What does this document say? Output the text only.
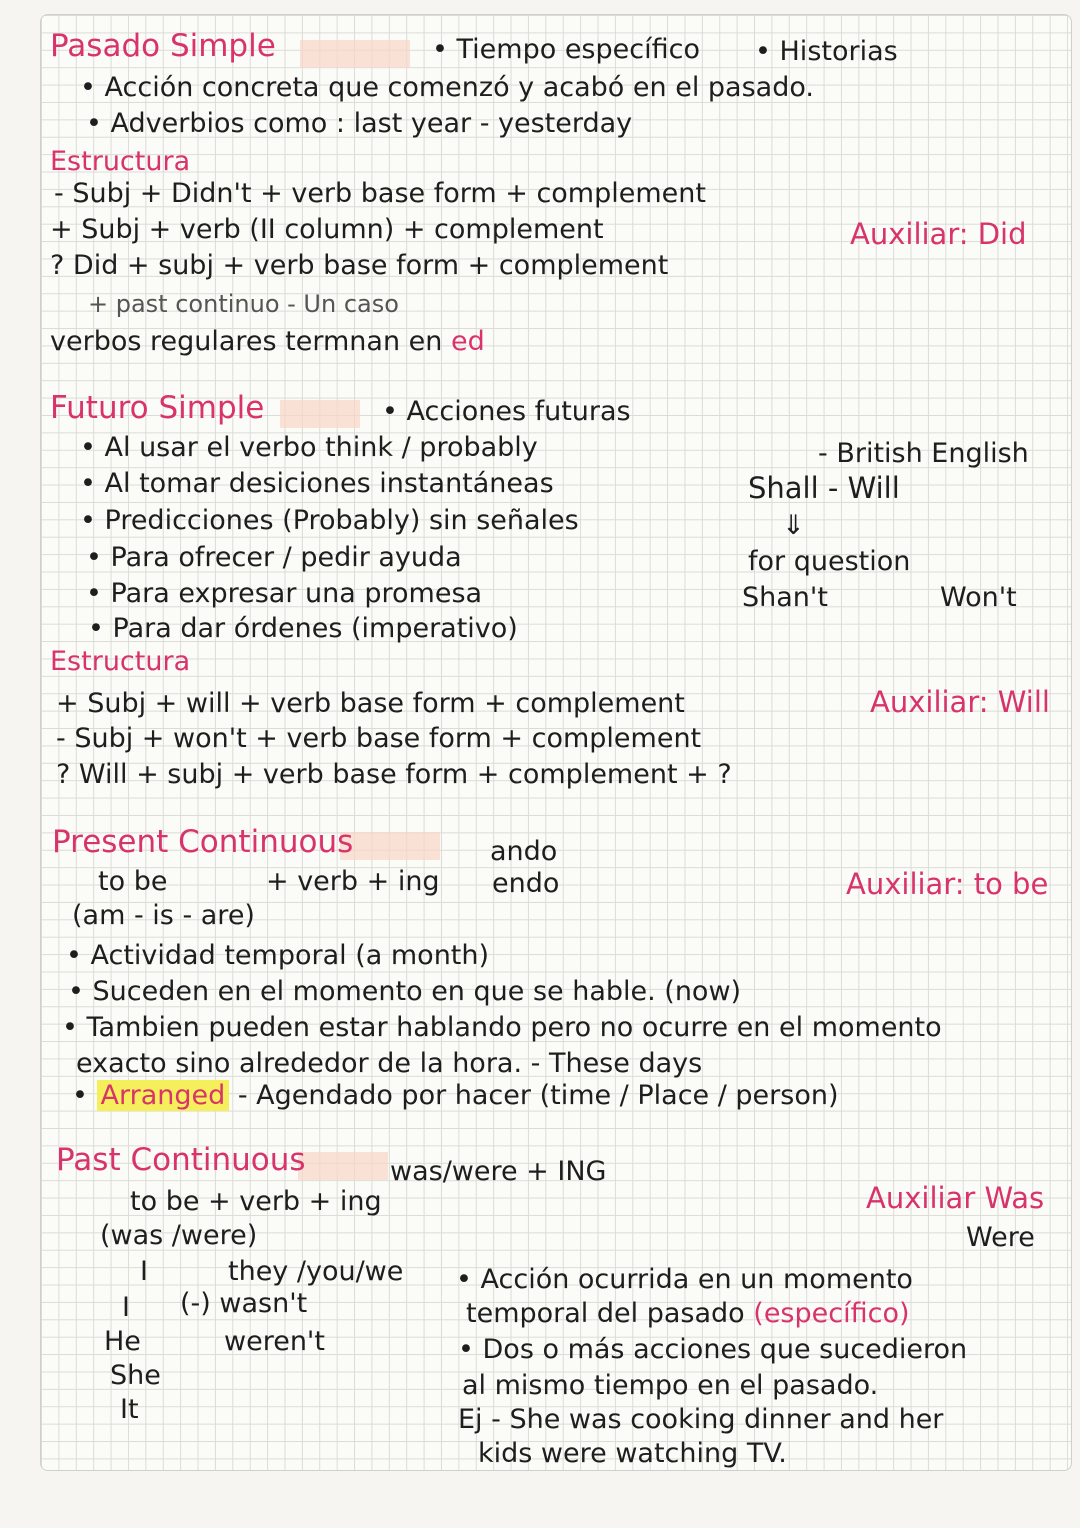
Pasado Simple	• Tiempo específico • Historias
• Acción concreta que comenzó y acabó en el pasado.
• Adverbios como : last year - yesterday
Estructura
- Subj + Didn't + verb base form + complement
+ Subj + verb (II column) + complement	Auxiliar: Did
? Did + subj + verb base form + complement
+ past continuo - Un caso
verbos regulares termnan en ed
Futuro Simple	• Acciones futuras
• Al usar el verbo think / probably
• Al tomar desiciones instantáneas
• Predicciones (Probably) sin señales
• Para ofrecer / pedir ayuda
• Para expresar una promesa
• Para dar órdenes (imperativo)
- British English
Shall - Will
⇓
for question
Shan't	Won't
Estructura
+ Subj + will + verb base form + complement	Auxiliar: Will
- Subj + won't + verb base form + complement
? Will + subj + verb base form + complement + ?
Present Continuous	ando
to be	+ verb + ing endo	Auxiliar: to be
(am - is - are)
• Actividad temporal (a month)
• Suceden en el momento en que se hable. (now)
• Tambien pueden estar hablando pero no ocurre en el momento
exacto sino alrededor de la hora. - These days
• Arranged - Agendado por hacer (time / Place / person)
Past Continuous	was/were + ING
Auxiliar Was
to be + verb + ing
Were
(was /were)
I	they /you/we
I (-) wasn't
He	weren't
She
It
• Acción ocurrida en un momento
temporal del pasado (específico)
• Dos o más acciones que sucedieron
al mismo tiempo en el pasado.
Ej - She was cooking dinner and her
kids were watching TV.
